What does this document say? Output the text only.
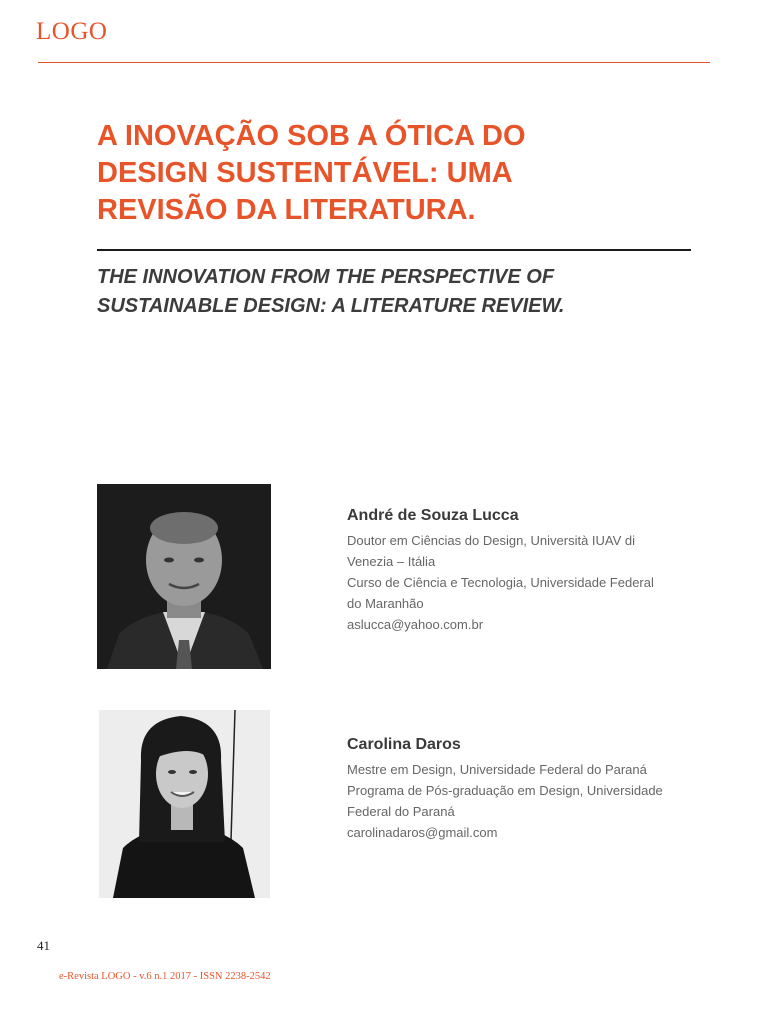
LOGO
A INOVAÇÃO SOB A ÓTICA DO
DESIGN SUSTENTÁVEL: UMA
REVISÃO DA LITERATURA.
THE INNOVATION FROM THE PERSPECTIVE OF
SUSTAINABLE DESIGN: A LITERATURE REVIEW.
André de Souza Lucca
Doutor em Ciências do Design, Università IUAV di
Venezia – Itália
Curso de Ciência e Tecnologia, Universidade Federal
do Maranhão
aslucca@yahoo.com.br
Carolina Daros
Mestre em Design, Universidade Federal do Paraná
Programa de Pós-graduação em Design, Universidade
Federal do Paraná
carolinadaros@gmail.com
41
e-Revista LOGO - v.6 n.1 2017 - ISSN 2238-2542
